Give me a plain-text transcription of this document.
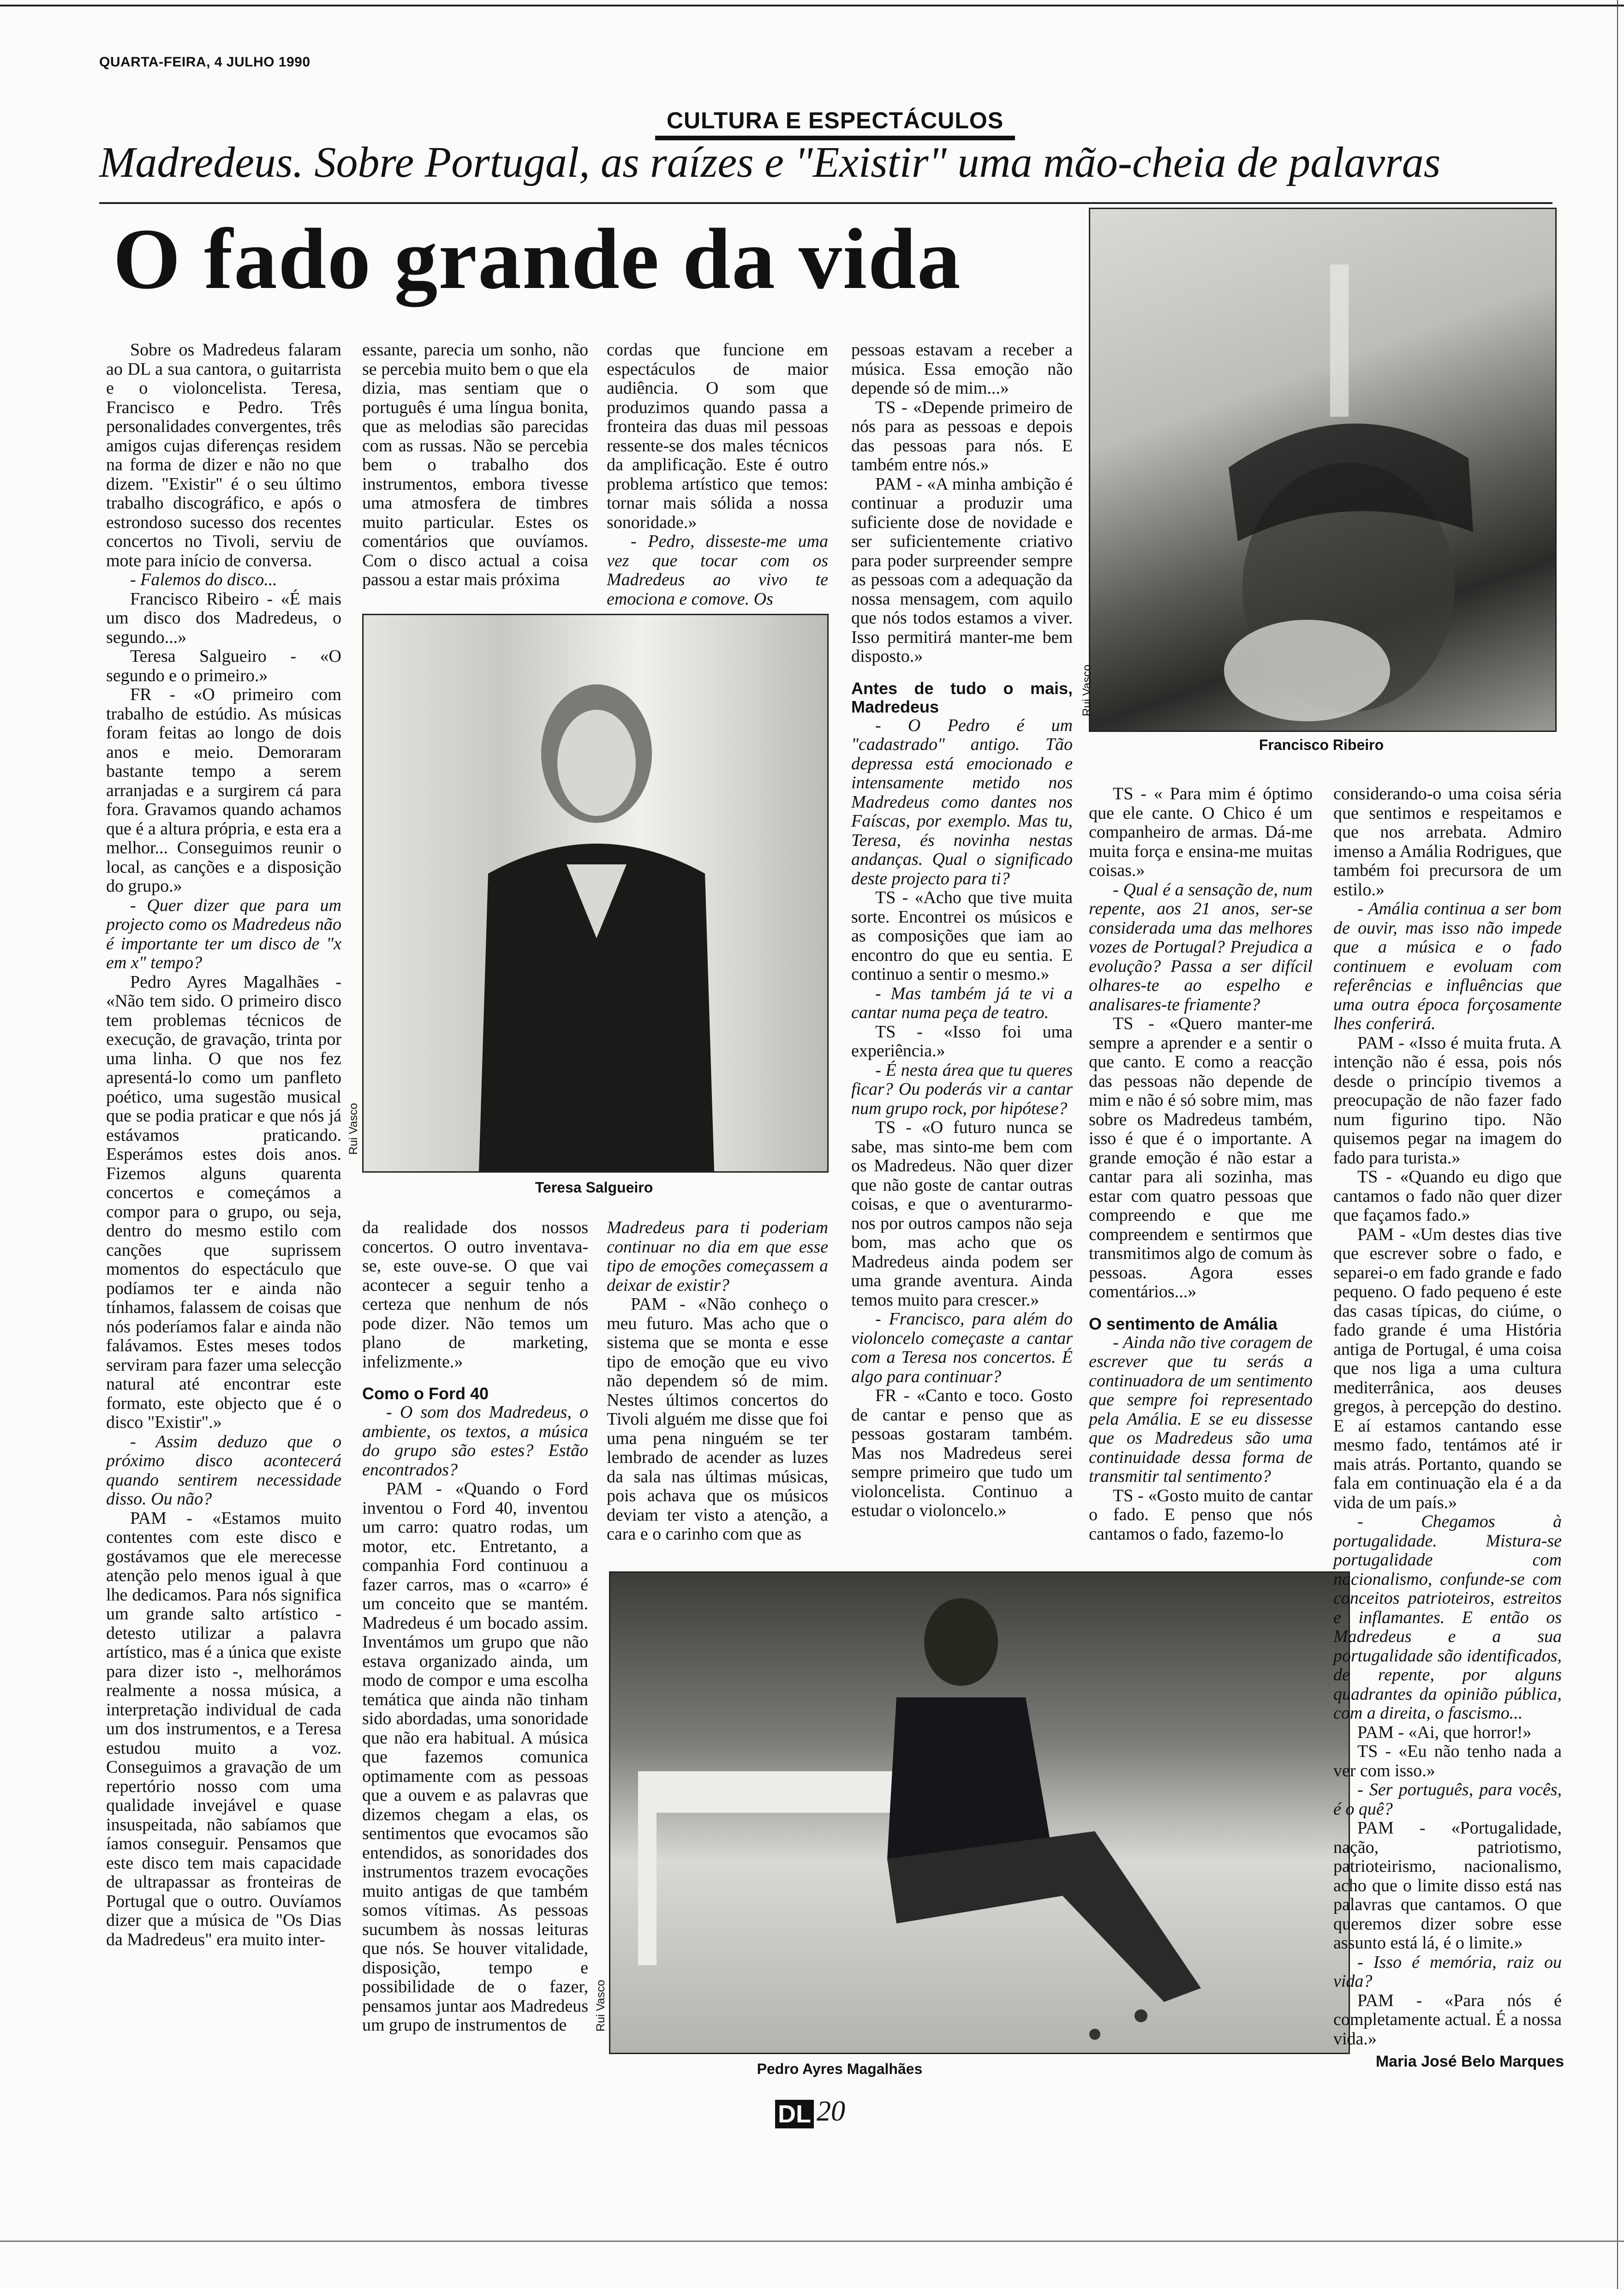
QUARTA-FEIRA, 4 JULHO 1990
CULTURA E ESPECTÁCULOS
Madredeus. Sobre Portugal, as raízes e "Existir" uma mão-cheia de palavras
O fado grande da vida
Rui Vasco
Francisco Ribeiro
Rui Vasco
Teresa Salgueiro
Rui Vasco
Pedro Ayres Magalhães

Sobre os Madredeus falaram ao DL a sua cantora, o guitarrista e o violoncelista. Teresa, Francisco e Pedro. Três personalidades convergentes, três amigos cujas diferenças residem na forma de dizer e não no que dizem. "Existir" é o seu último trabalho discográfico, e após o estrondoso sucesso dos recentes concertos no Tivoli, serviu de mote para início de conversa.

- Falemos do disco...

Francisco Ribeiro - «É mais um disco dos Madredeus, o segundo...»

Teresa Salgueiro - «O segundo e o primeiro.»

FR - «O primeiro com trabalho de estúdio. As músicas foram feitas ao longo de dois anos e meio. Demoraram bastante tempo a serem arranjadas e a surgirem cá para fora. Gravamos quando achamos que é a altura própria, e esta era a melhor... Conseguimos reunir o local, as canções e a disposição do grupo.»

- Quer dizer que para um projecto como os Madredeus não é importante ter um disco de "x em x" tempo?

Pedro Ayres Magalhães - «Não tem sido. O primeiro disco tem problemas técnicos de execução, de gravação, trinta por uma linha. O que nos fez apresentá-lo como um panfleto poético, uma sugestão musical que se podia praticar e que nós já estávamos praticando. Esperámos estes dois anos. Fizemos alguns quarenta concertos e começámos a compor para o grupo, ou seja, dentro do mesmo estilo com canções que suprissem momentos do espectáculo que podíamos ter e ainda não tínhamos, falassem de coisas que nós poderíamos falar e ainda não falávamos. Estes meses todos serviram para fazer uma selecção natural até encontrar este formato, este objecto que é o disco "Existir".»

- Assim deduzo que o próximo disco acontecerá quando sentirem necessidade disso. Ou não?

PAM - «Estamos muito contentes com este disco e gostávamos que ele merecesse atenção pelo menos igual à que lhe dedicamos. Para nós significa um grande salto artístico - detesto utilizar a palavra artístico, mas é a única que existe para dizer isto -, melhorámos realmente a nossa música, a interpretação individual de cada um dos instrumentos, e a Teresa estudou muito a voz. Conseguimos a gravação de um repertório nosso com uma qualidade invejável e quase insuspeitada, não sabíamos que íamos conseguir. Pensamos que este disco tem mais capacidade de ultrapassar as fronteiras de Portugal que o outro. Ouvíamos dizer que a música de "Os Dias da Madredeus" era muito inter-

essante, parecia um sonho, não se percebia muito bem o que ela dizia, mas sentiam que o português é uma língua bonita, que as melodias são parecidas com as russas. Não se percebia bem o trabalho dos instrumentos, embora tivesse uma atmosfera de timbres muito particular. Estes os comentários que ouvíamos. Com o disco actual a coisa passou a estar mais próxima

cordas que funcione em espectáculos de maior audiência. O som que produzimos quando passa a fronteira das duas mil pessoas ressente-se dos males técnicos da amplificação. Este é outro problema artístico que temos: tornar mais sólida a nossa sonoridade.»

- Pedro, disseste-me uma vez que tocar com os Madredeus ao vivo te emociona e comove. Os

pessoas estavam a receber a música. Essa emoção não depende só de mim...»

TS - «Depende primeiro de nós para as pessoas e depois das pessoas para nós. E também entre nós.»

PAM - «A minha ambição é continuar a produzir uma suficiente dose de novidade e ser suficientemente criativo para poder surpreender sempre as pessoas com a adequação da nossa mensagem, com aquilo que nós todos estamos a viver. Isso permitirá manter-me bem disposto.»

Antes de tudo o mais, Madredeus

- O Pedro é um "cadastrado" antigo. Tão depressa está emocionado e intensamente metido nos Madredeus como dantes nos Faíscas, por exemplo. Mas tu, Teresa, és novinha nestas andanças. Qual o significado deste projecto para ti?

TS - «Acho que tive muita sorte. Encontrei os músicos e as composições que iam ao encontro do que eu sentia. E continuo a sentir o mesmo.»

- Mas também já te vi a cantar numa peça de teatro.

TS - «Isso foi uma experiência.»

- É nesta área que tu queres ficar? Ou poderás vir a cantar num grupo rock, por hipótese?

TS - «O futuro nunca se sabe, mas sinto-me bem com os Madredeus. Não quer dizer que não goste de cantar outras coisas, e que o aventurarmo-nos por outros campos não seja bom, mas acho que os Madredeus ainda podem ser uma grande aventura. Ainda temos muito para crescer.»

- Francisco, para além do violoncelo começaste a cantar com a Teresa nos concertos. É algo para continuar?

FR - «Canto e toco. Gosto de cantar e penso que as pessoas gostaram também. Mas nos Madredeus serei sempre primeiro que tudo um violoncelista. Continuo a estudar o violoncelo.»

da realidade dos nossos concertos. O outro inventava-se, este ouve-se. O que vai acontecer a seguir tenho a certeza que nenhum de nós pode dizer. Não temos um plano de marketing, infelizmente.»

Como o Ford 40

- O som dos Madredeus, o ambiente, os textos, a música do grupo são estes? Estão encontrados?

PAM - «Quando o Ford inventou o Ford 40, inventou um carro: quatro rodas, um motor, etc. Entretanto, a companhia Ford continuou a fazer carros, mas o «carro» é um conceito que se mantém. Madredeus é um bocado assim. Inventámos um grupo que não estava organizado ainda, um modo de compor e uma escolha temática que ainda não tinham sido abordadas, uma sonoridade que não era habitual. A música que fazemos comunica optimamente com as pessoas que a ouvem e as palavras que dizemos chegam a elas, os sentimentos que evocamos são entendidos, as sonoridades dos instrumentos trazem evocações muito antigas de que também somos vítimas. As pessoas sucumbem às nossas leituras que nós. Se houver vitalidade, disposição, tempo e possibilidade de o fazer, pensamos juntar aos Madredeus um grupo de instrumentos de

Madredeus para ti poderiam continuar no dia em que esse tipo de emoções começassem a deixar de existir?

PAM - «Não conheço o meu futuro. Mas acho que o sistema que se monta e esse tipo de emoção que eu vivo não dependem só de mim. Nestes últimos concertos do Tivoli alguém me disse que foi uma pena ninguém se ter lembrado de acender as luzes da sala nas últimas músicas, pois achava que os músicos deviam ter visto a atenção, a cara e o carinho com que as

TS - « Para mim é óptimo que ele cante. O Chico é um companheiro de armas. Dá-me muita força e ensina-me muitas coisas.»

- Qual é a sensação de, num repente, aos 21 anos, ser-se considerada uma das melhores vozes de Portugal? Prejudica a evolução? Passa a ser difícil olhares-te ao espelho e analisares-te friamente?

TS - «Quero manter-me sempre a aprender e a sentir o que canto. E como a reacção das pessoas não depende de mim e não é só sobre mim, mas sobre os Madredeus também, isso é que é o importante. A grande emoção é não estar a cantar para ali sozinha, mas estar com quatro pessoas que compreendo e que me compreendem e sentirmos que transmitimos algo de comum às pessoas. Agora esses comentários...»

O sentimento de Amália

- Ainda não tive coragem de escrever que tu serás a continuadora de um sentimento que sempre foi representado pela Amália. E se eu dissesse que os Madredeus são uma continuidade dessa forma de transmitir tal sentimento?

TS - «Gosto muito de cantar o fado. E penso que nós cantamos o fado, fazemo-lo

considerando-o uma coisa séria que sentimos e respeitamos e que nos arrebata. Admiro imenso a Amália Rodrigues, que também foi precursora de um estilo.»

- Amália continua a ser bom de ouvir, mas isso não impede que a música e o fado continuem e evoluam com referências e influências que uma outra época forçosamente lhes conferirá.

PAM - «Isso é muita fruta. A intenção não é essa, pois nós desde o princípio tivemos a preocupação de não fazer fado num figurino tipo. Não quisemos pegar na imagem do fado para turista.»

TS - «Quando eu digo que cantamos o fado não quer dizer que façamos fado.»

PAM - «Um destes dias tive que escrever sobre o fado, e separei-o em fado grande e fado pequeno. O fado pequeno é este das casas típicas, do ciúme, o fado grande é uma História antiga de Portugal, é uma coisa que nos liga a uma cultura mediterrânica, aos deuses gregos, à percepção do destino. E aí estamos cantando esse mesmo fado, tentámos até ir mais atrás. Portanto, quando se fala em continuação ela é a da vida de um país.»

- Chegamos à portugalidade. Mistura-se portugalidade com nacionalismo, confunde-se com conceitos patrioteiros, estreitos e inflamantes. E então os Madredeus e a sua portugalidade são identificados, de repente, por alguns quadrantes da opinião pública, com a direita, o fascismo...

PAM - «Ai, que horror!»

TS - «Eu não tenho nada a ver com isso.»

- Ser português, para vocês, é o quê?

PAM - «Portugalidade, nação, patriotismo, patrioteirismo, nacionalismo, acho que o limite disso está nas palavras que cantamos. O que queremos dizer sobre esse assunto está lá, é o limite.»

- Isso é memória, raiz ou vida?

PAM - «Para nós é completamente actual. É a nossa vida.»

Maria José Belo Marques
DL 20
